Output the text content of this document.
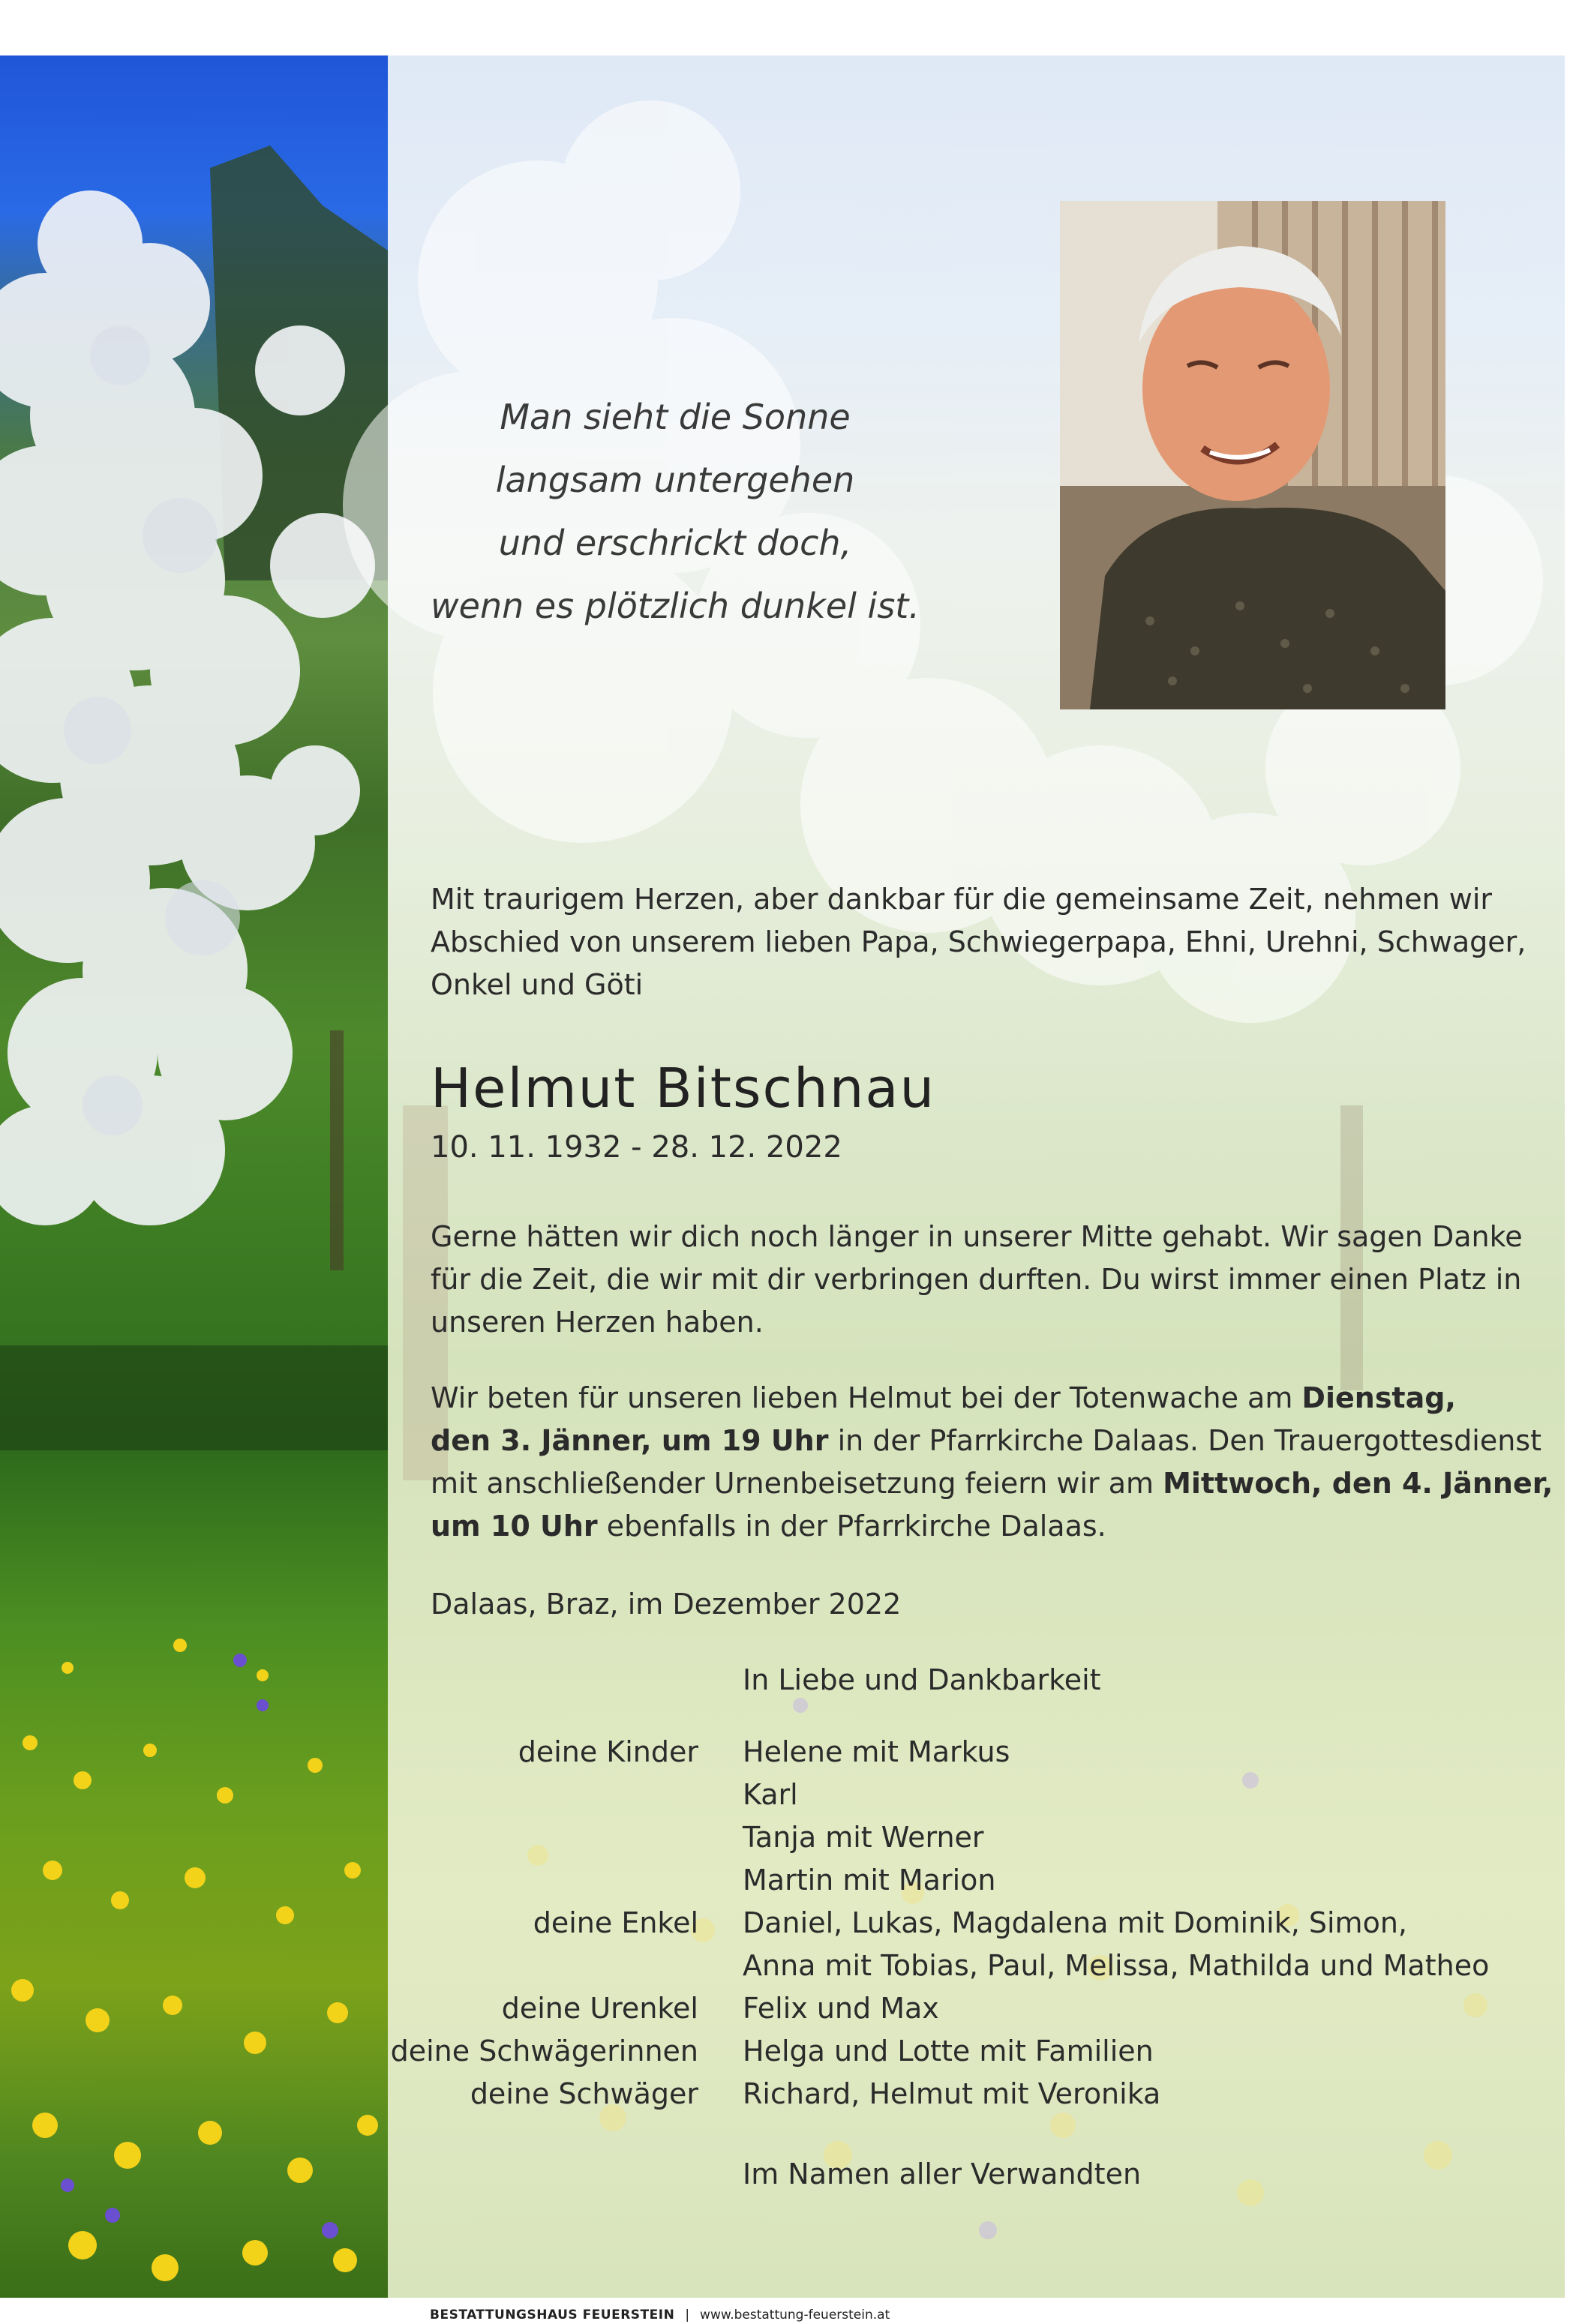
Man sieht die Sonne
langsam untergehen
und erschrickt doch,
wenn es plötzlich dunkel ist.
Mit traurigem Herzen, aber dankbar für die gemeinsame Zeit, nehmen wir
Abschied von unserem lieben Papa, Schwiegerpapa, Ehni, Urehni, Schwager,
Onkel und Göti
Helmut Bitschnau
10. 11. 1932 - 28. 12. 2022
Gerne hätten wir dich noch länger in unserer Mitte gehabt. Wir sagen Danke
für die Zeit, die wir mit dir verbringen durften. Du wirst immer einen Platz in
unseren Herzen haben.
Wir beten für unseren lieben Helmut bei der Totenwache am Dienstag,
den 3. Jänner, um 19 Uhr in der Pfarrkirche Dalaas. Den Trauergottesdienst
mit anschließender Urnenbeisetzung feiern wir am Mittwoch, den 4. Jänner,
um 10 Uhr ebenfalls in der Pfarrkirche Dalaas.
Dalaas, Braz, im Dezember 2022
In Liebe und Dankbarkeit
deine Kinder Helene mit Markus
Karl
Tanja mit Werner
Martin mit Marion
deine Enkel Daniel, Lukas, Magdalena mit Dominik, Simon,
Anna mit Tobias, Paul, Melissa, Mathilda und Matheo
deine Urenkel Felix und Max
deine Schwägerinnen Helga und Lotte mit Familien
deine Schwäger Richard, Helmut mit Veronika
Im Namen aller Verwandten
BESTATTUNGSHAUS FEUERSTEIN | www.bestattung-feuerstein.at
